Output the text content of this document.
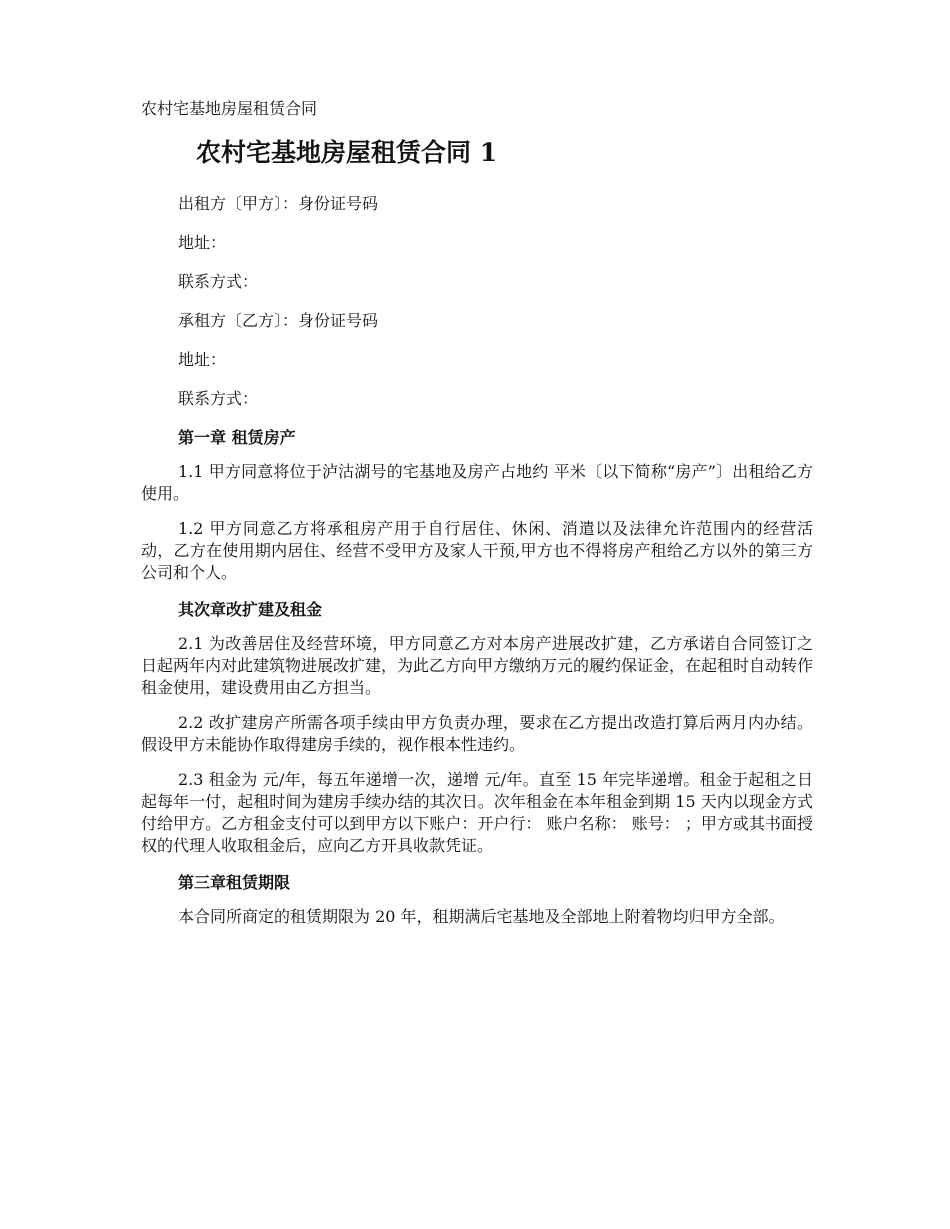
农村宅基地房屋租赁合同
农村宅基地房屋租赁合同 1
出租方〔甲方〕：身份证号码
地址：
联系方式：
承租方〔乙方〕：身份证号码
地址：
联系方式：
第一章 租赁房产

1.1 甲方同意将位于泸沽湖号的宅基地及房产占地约 平米〔以下简称“房产”〕出租给乙方使用。

1.2 甲方同意乙方将承租房产用于自行居住、休闲、消遣以及法律允许范围内的经营活动，乙方在使用期内居住、经营不受甲方及家人干预,甲方也不得将房产租给乙方以外的第三方公司和个人。

其次章改扩建及租金

2.1 为改善居住及经营环境，甲方同意乙方对本房产进展改扩建，乙方承诺自合同签订之日起两年内对此建筑物进展改扩建，为此乙方向甲方缴纳万元的履约保证金，在起租时自动转作租金使用，建设费用由乙方担当。

2.2 改扩建房产所需各项手续由甲方负责办理，要求在乙方提出改造打算后两月内办结。假设甲方未能协作取得建房手续的，视作根本性违约。

2.3 租金为 元/年，每五年递增一次，递增 元/年。直至 15 年完毕递增。租金于起租之日起每年一付，起租时间为建房手续办结的其次日。次年租金在本年租金到期 15 天内以现金方式付给甲方。乙方租金支付可以到甲方以下账户：开户行： 账户名称： 账号： ；甲方或其书面授权的代理人收取租金后，应向乙方开具收款凭证。

第三章租赁期限

本合同所商定的租赁期限为 20 年，租期满后宅基地及全部地上附着物均归甲方全部。
